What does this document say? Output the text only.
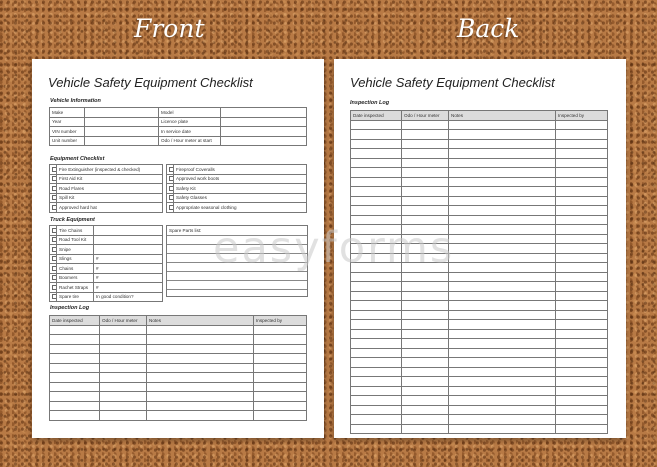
Front	Back
Vehicle Safety Equipment Checklist
Vehicle Information
Make		Model	
Year		Licence plate	
VIN number		In service date	
Unit number		Odo / Hour meter at start	
Equipment Checklist
	Fire Extinguisher (inspected & checked)
	First Aid Kit
	Road Flares
	Spill Kit
	Approved hard hat
	Fireproof Coveralls
	Approved work boots
	Safety Kit
	Safety Glasses
	Appropriate seasonal clothing
Truck Equipment
	Tire Chains	
	Road Tool Kit	
	Snipe	
	Slings	#
	Chains	#
	Boomers	#
	Rachet Straps	#
	Spare tire	In good condition?
Spare Parts list:
Inspection Log
Date inspected	Odo / Hour meter	Notes	Inspected by

Vehicle Safety Equipment Checklist
Inspection Log
Date inspected	Odo / Hour meter	Notes	Inspected by

easyforms
